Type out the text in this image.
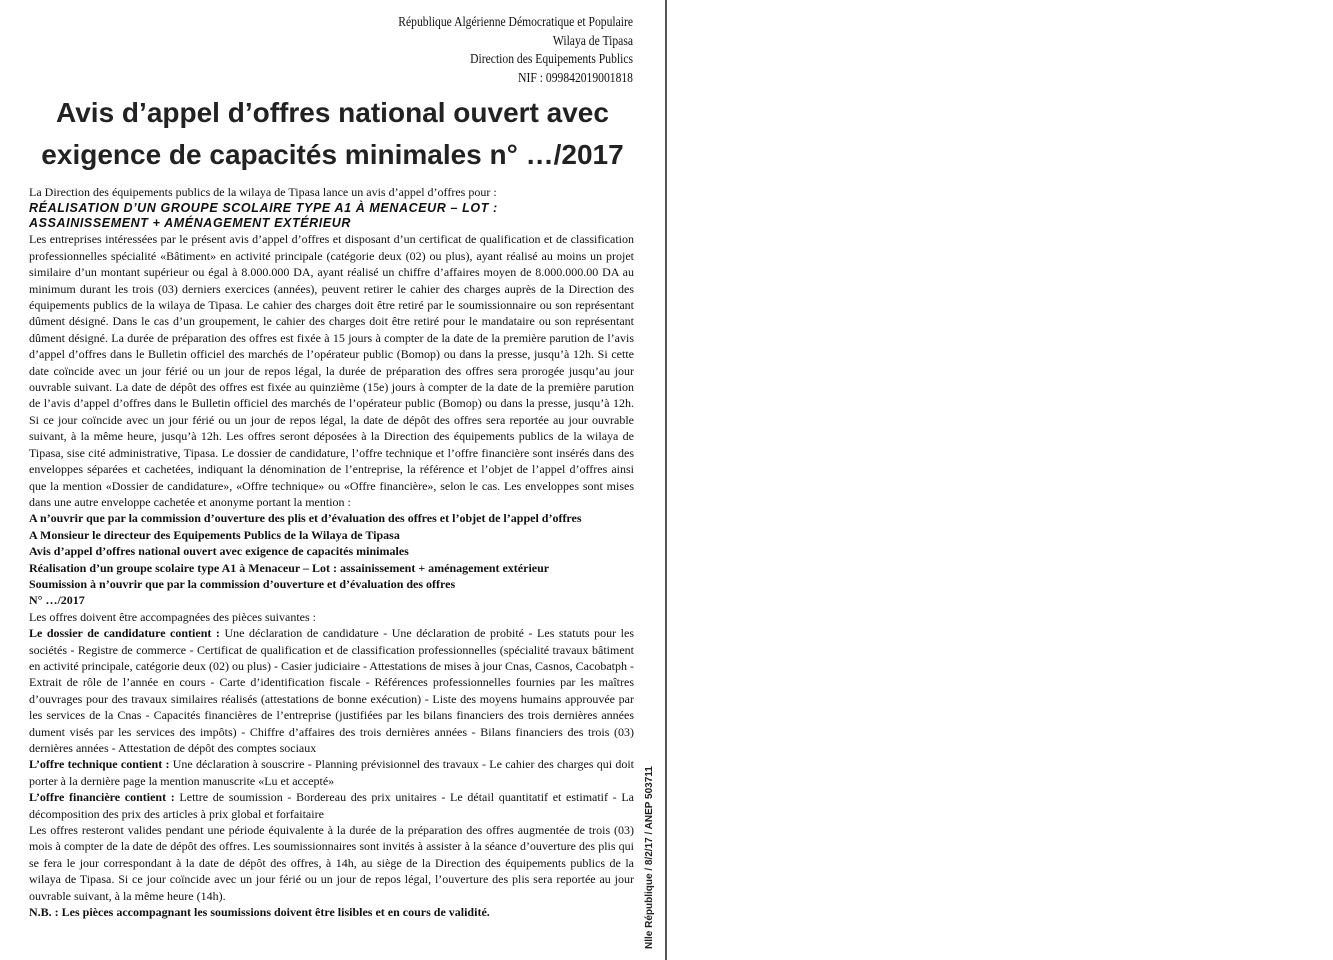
République Algérienne Démocratique et Populaire
Wilaya de Tipasa
Direction des Equipements Publics
NIF : 099842019001818
Avis d’appel d’offres national ouvert avec
exigence de capacités minimales n° …/2017

La Direction des équipements publics de la wilaya de Tipasa lance un avis d’appel d’offres pour :

RÉALISATION D’UN GROUPE SCOLAIRE TYPE A1 À MENACEUR – LOT :
ASSAINISSEMENT + AMÉNAGEMENT EXTÉRIEUR

Les entreprises intéressées par le présent avis d’appel d’offres et disposant d’un certificat de qualification et de classification professionnelles spécialité «Bâtiment» en activité principale (catégorie deux (02) ou plus), ayant réalisé au moins un projet similaire d’un montant supérieur ou égal à 8.000.000 DA, ayant réalisé un chiffre d’affaires moyen de 8.000.000.00 DA au minimum durant les trois (03) derniers exercices (années), peuvent retirer le cahier des charges auprès de la Direction des équipements publics de la wilaya de Tipasa. Le cahier des charges doit être retiré par le soumissionnaire ou son représentant dûment désigné. Dans le cas d’un groupement, le cahier des charges doit être retiré pour le mandataire ou son représentant dûment désigné. La durée de préparation des offres est fixée à 15 jours à compter de la date de la première parution de l’avis d’appel d’offres dans le Bulletin officiel des marchés de l’opérateur public (Bomop) ou dans la presse, jusqu’à 12h. Si cette date coïncide avec un jour férié ou un jour de repos légal, la durée de préparation des offres sera prorogée jusqu’au jour ouvrable suivant. La date de dépôt des offres est fixée au quinzième (15e) jours à compter de la date de la première parution de l’avis d’appel d’offres dans le Bulletin officiel des marchés de l’opérateur public (Bomop) ou dans la presse, jusqu’à 12h. Si ce jour coïncide avec un jour férié ou un jour de repos légal, la date de dépôt des offres sera reportée au jour ouvrable suivant, à la même heure, jusqu’à 12h. Les offres seront déposées à la Direction des équipements publics de la wilaya de Tipasa, sise cité administrative, Tipasa. Le dossier de candidature, l’offre technique et l’offre financière sont insérés dans des enveloppes séparées et cachetées, indiquant la dénomination de l’entreprise, la référence et l’objet de l’appel d’offres ainsi que la mention «Dossier de candidature», «Offre technique» ou «Offre financière», selon le cas. Les enveloppes sont mises dans une autre enveloppe cachetée et anonyme portant la mention :

A n’ouvrir que par la commission d’ouverture des plis et d’évaluation des offres et l’objet de l’appel d’offres

A Monsieur le directeur des Equipements Publics de la Wilaya de Tipasa

Avis d’appel d’offres national ouvert avec exigence de capacités minimales

Réalisation d’un groupe scolaire type A1 à Menaceur – Lot : assainissement + aménagement extérieur

Soumission à n’ouvrir que par la commission d’ouverture et d’évaluation des offres

N° …/2017

Les offres doivent être accompagnées des pièces suivantes :

Le dossier de candidature contient : Une déclaration de candidature - Une déclaration de probité - Les statuts pour les sociétés - Registre de commerce - Certificat de qualification et de classification professionnelles (spécialité travaux bâtiment en activité principale, catégorie deux (02) ou plus) - Casier judiciaire - Attestations de mises à jour Cnas, Casnos, Cacobatph - Extrait de rôle de l’année en cours - Carte d’identification fiscale - Références professionnelles fournies par les maîtres d’ouvrages pour des travaux similaires réalisés (attestations de bonne exécution) - Liste des moyens humains approuvée par les services de la Cnas - Capacités financières de l’entreprise (justifiées par les bilans financiers des trois dernières années dument visés par les services des impôts) - Chiffre d’affaires des trois dernières années - Bilans financiers des trois (03) dernières années - Attestation de dépôt des comptes sociaux

L’offre technique contient : Une déclaration à souscrire - Planning prévisionnel des travaux - Le cahier des charges qui doit porter à la dernière page la mention manuscrite «Lu et accepté»

L’offre financière contient : Lettre de soumission - Bordereau des prix unitaires - Le détail quantitatif et estimatif - La décomposition des prix des articles à prix global et forfaitaire

Les offres resteront valides pendant une période équivalente à la durée de la préparation des offres augmentée de trois (03) mois à compter de la date de dépôt des offres. Les soumissionnaires sont invités à assister à la séance d’ouverture des plis qui se fera le jour correspondant à la date de dépôt des offres, à 14h, au siège de la Direction des équipements publics de la wilaya de Tipasa. Si ce jour coïncide avec un jour férié ou un jour de repos légal, l’ouverture des plis sera reportée au jour ouvrable suivant, à la même heure (14h).

N.B. : Les pièces accompagnant les soumissions doivent être lisibles et en cours de validité.	Nlle République / 8/2/17 / ANEP 503711
